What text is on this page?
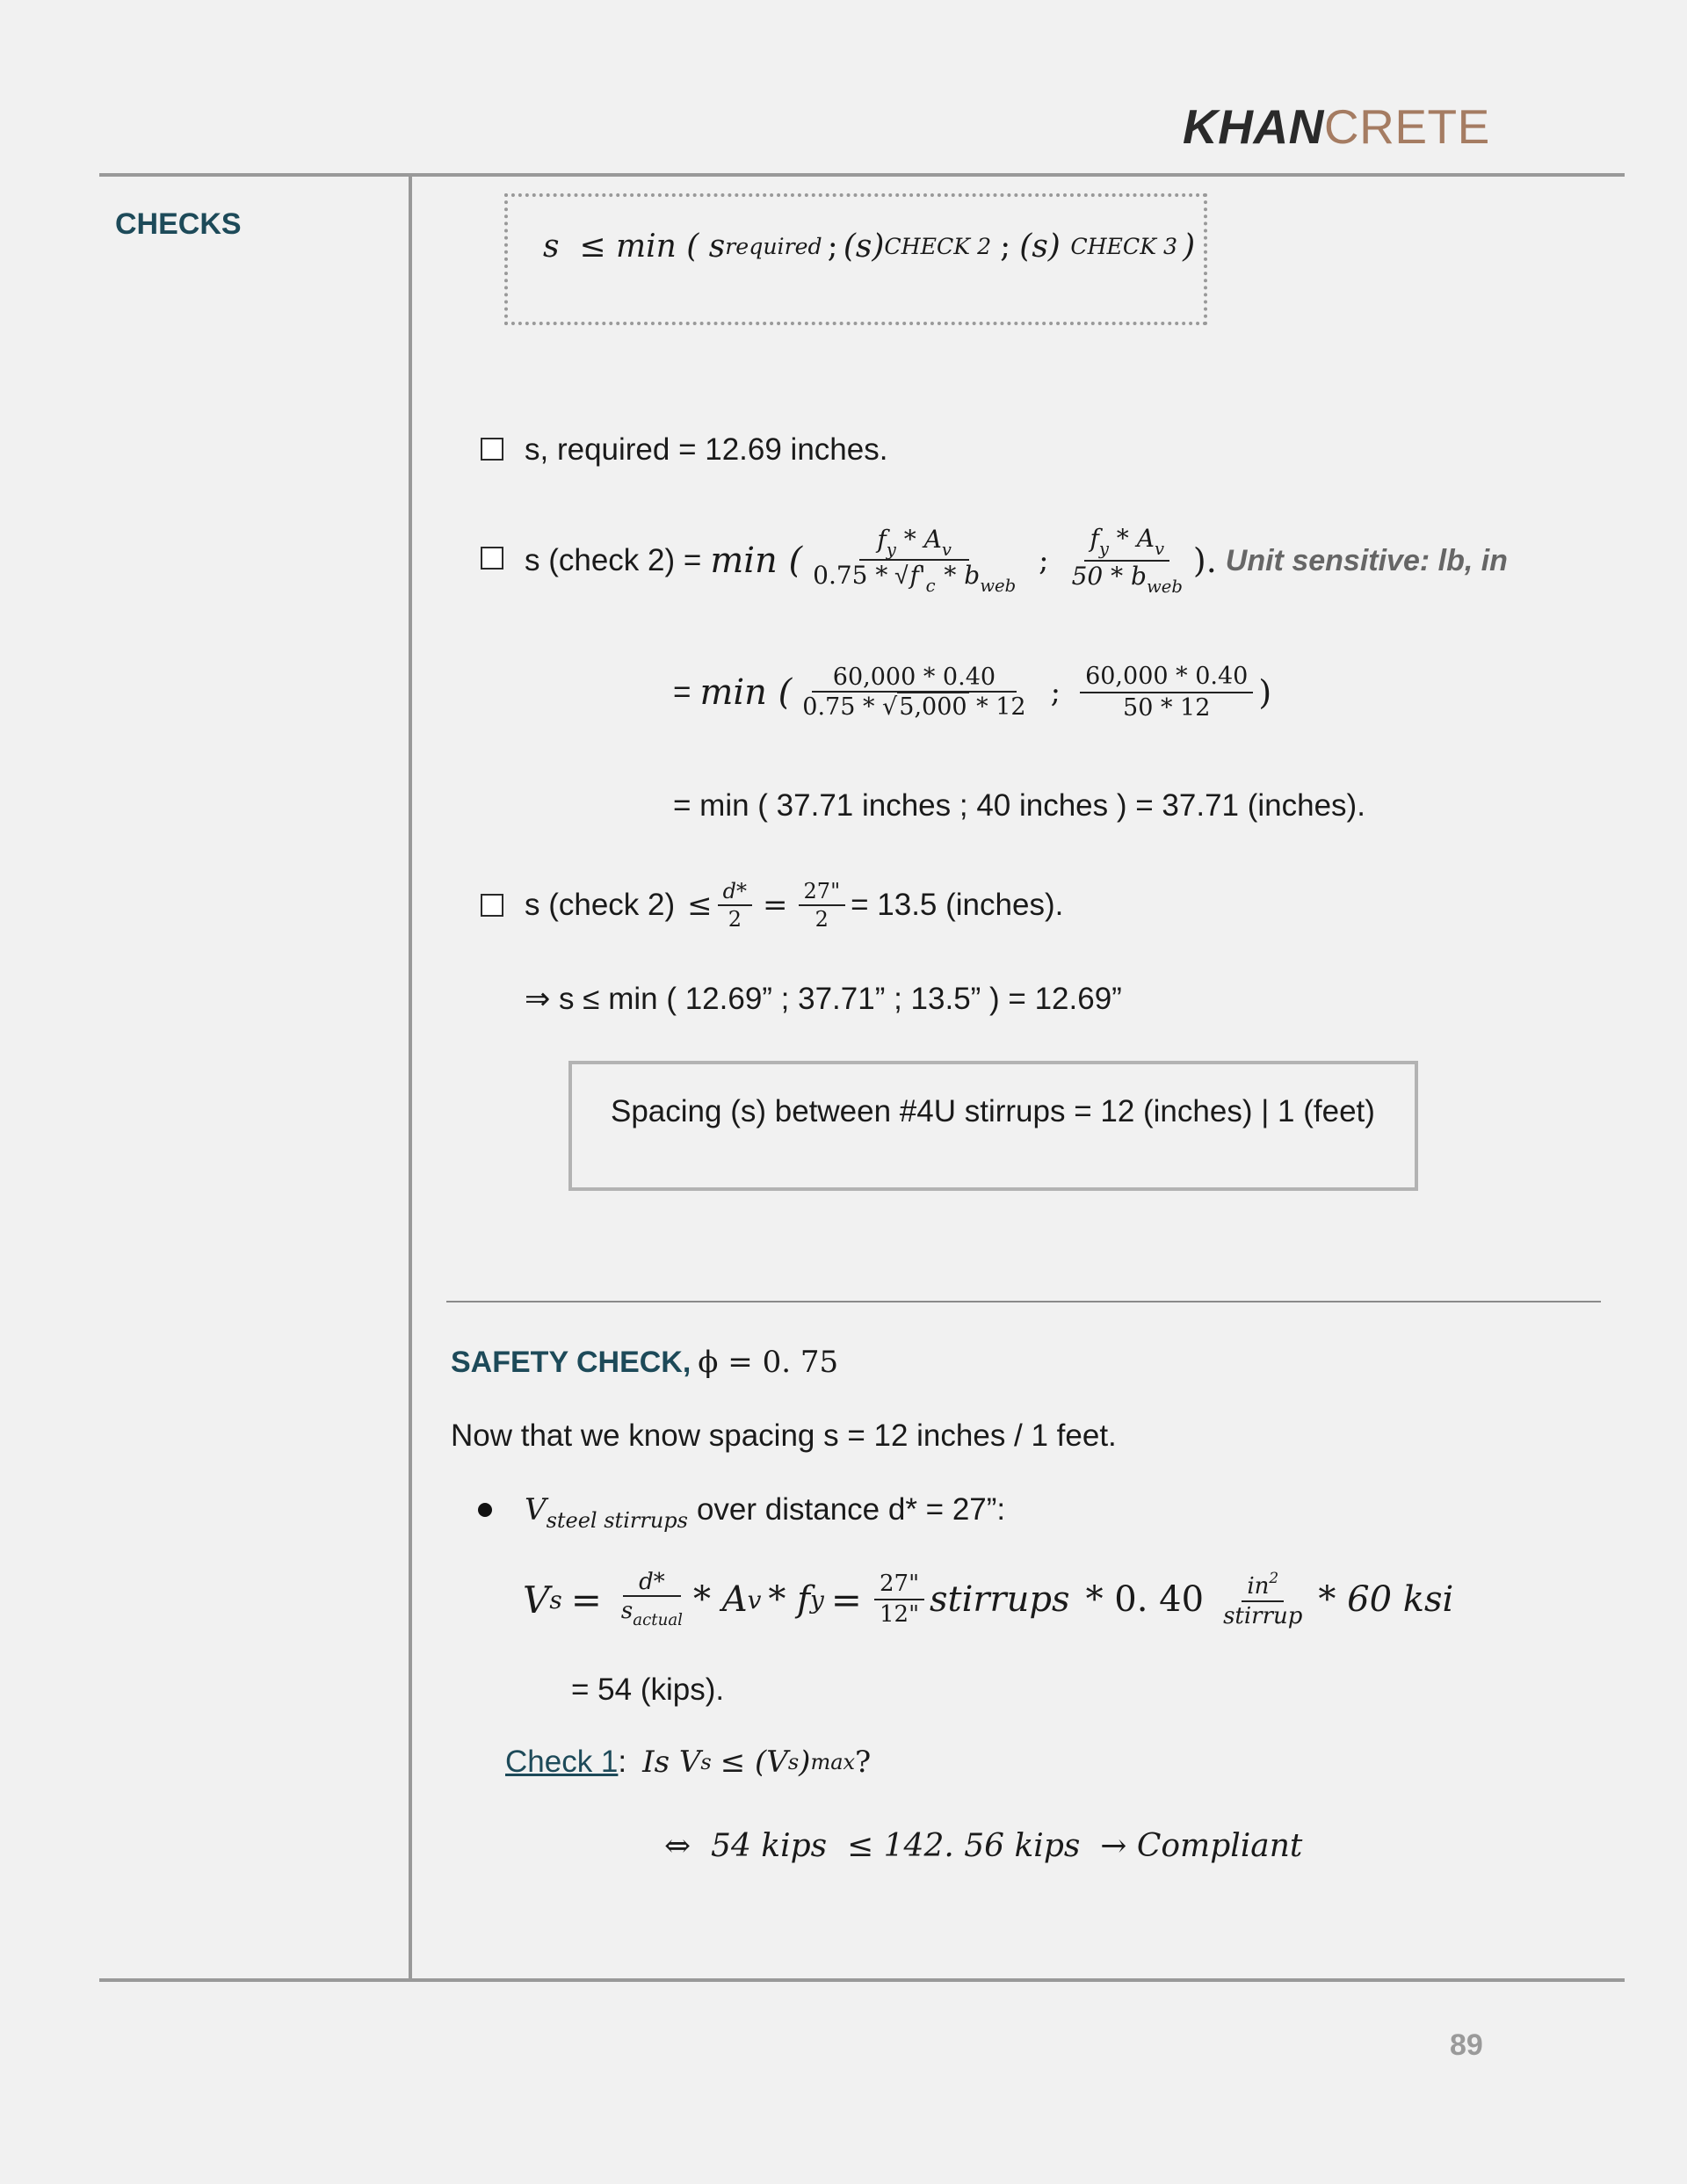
KHANCRETE
CHECKS
s
≤ min (
s required ; (s) CHECK 2 ; (s)
CHECK 3 )
s, required = 12.69 inches.
s (check 2) = min ( $\frac{f_y * A_v}{0.75 * √f'_c * b_{web}}$ ; $\frac{f_y * A_v}{50 * b_{web}}$ ). Unit sensitive: lb, in
= min ( $\frac{60,000 * 0.40}{0.75 * √5,000 * 12}$ ; $\frac{60,000 * 0.40}{50 * 12}$ )
= min ( 37.71 inches ; 40 inches ) = 37.71 (inches).
s (check $2) \le \frac{d*}{2} = \frac{27"}{2} = 13.5$ (inches).
⇒ s ≤ min ( 12.69” ; 37.71” ; 13.5” ) = 12.69”
Spacing (s) between #4U stirrups = 12 (inches) | 1 (feet)
SAFETY CHECK, ϕ = 0. 75
Now that we know spacing s = 12 inches / 1 feet.
V steel stirrups over distance d* = 27”:
V $s = \frac{d*}{s_{actual}} * A$ v * f $y = \frac{27"}{12"}$ stirrups * 0. $40 \frac{in^2}{\text{stirrup}} * 60$ ksi
= 54 (kips).
Check 1 : Is V s ≤ (V s ) max ?
⇔  54 kips  ≤ 142. 56 kips  → Compliant
89
